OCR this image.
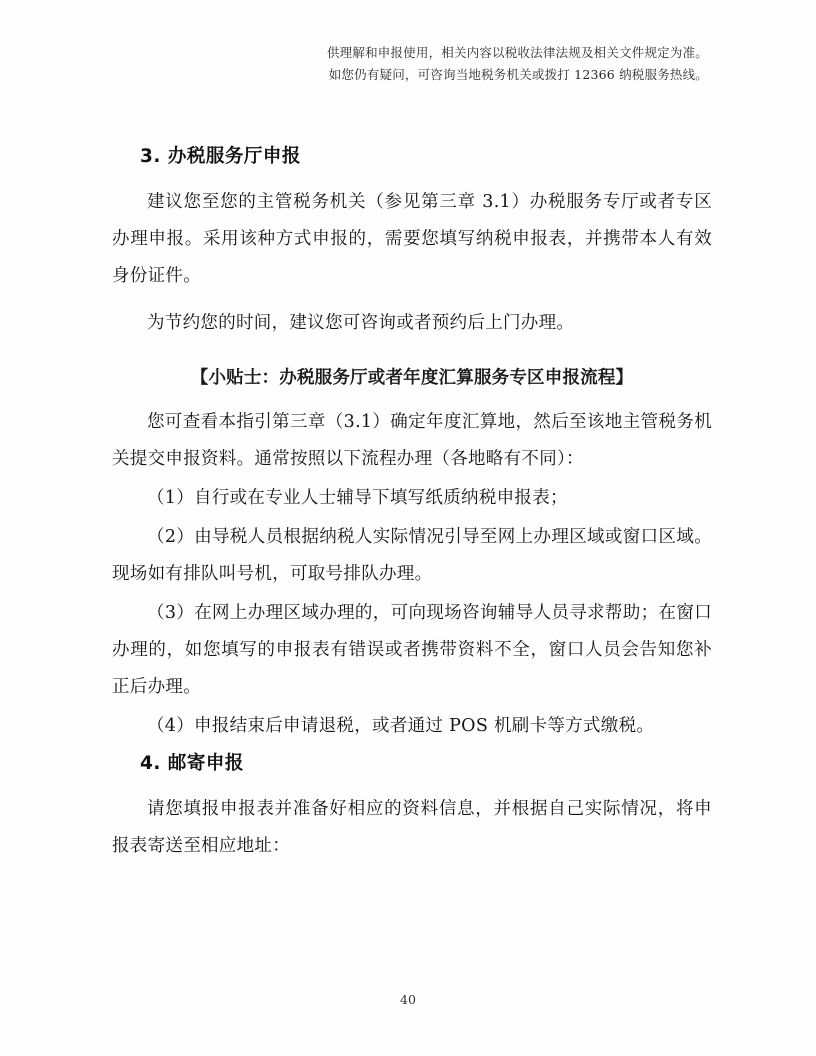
供理解和申报使用，相关内容以税收法律法规及相关文件规定为准。
如您仍有疑问，可咨询当地税务机关或拨打 12366 纳税服务热线。
3. 办税服务厅申报

建议您至您的主管税务机关（参见第三章 3.1）办税服务专厅或者专区办理申报。采用该种方式申报的，需要您填写纳税申报表，并携带本人有效身份证件。

为节约您的时间，建议您可咨询或者预约后上门办理。

【小贴士：办税服务厅或者年度汇算服务专区申报流程】

您可查看本指引第三章（3.1）确定年度汇算地，然后至该地主管税务机关提交申报资料。通常按照以下流程办理（各地略有不同）：

（1）自行或在专业人士辅导下填写纸质纳税申报表；

（2）由导税人员根据纳税人实际情况引导至网上办理区域或窗口区域。现场如有排队叫号机，可取号排队办理。

（3）在网上办理区域办理的，可向现场咨询辅导人员寻求帮助；在窗口办理的，如您填写的申报表有错误或者携带资料不全，窗口人员会告知您补正后办理。

（4）申报结束后申请退税，或者通过 POS 机刷卡等方式缴税。

4. 邮寄申报

请您填报申报表并准备好相应的资料信息，并根据自己实际情况，将申报表寄送至相应地址：

40
